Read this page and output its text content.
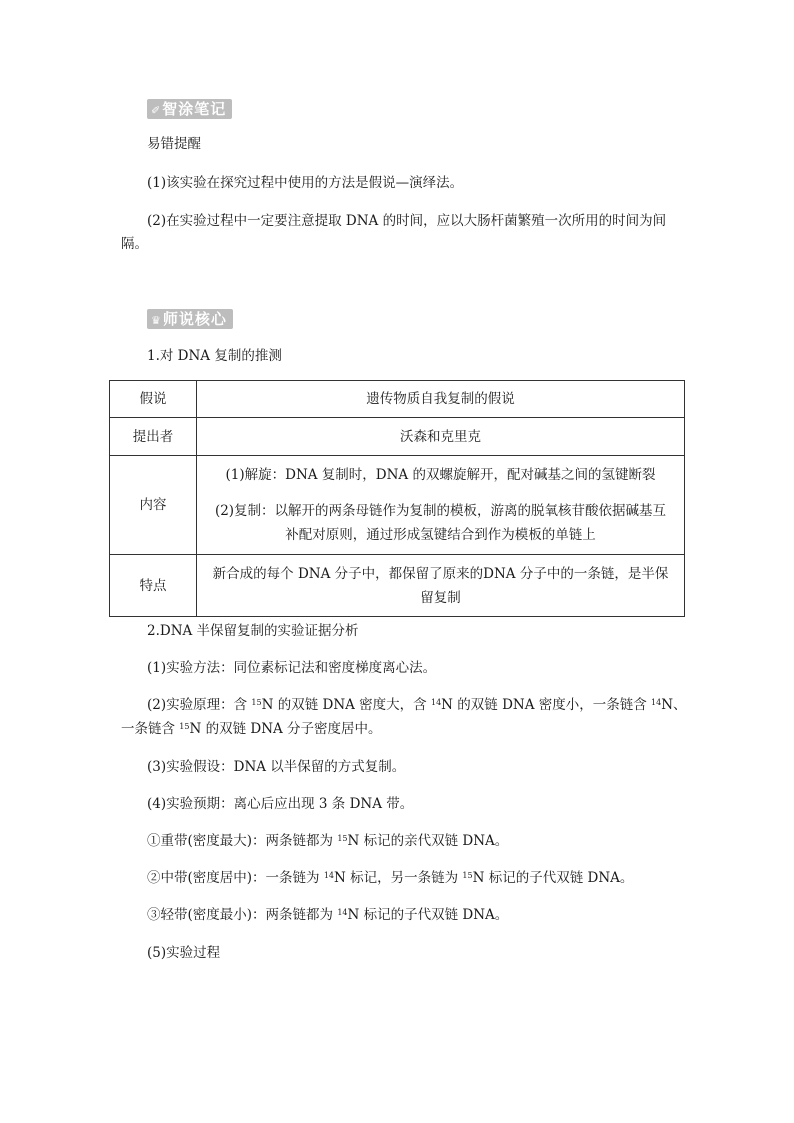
✐智涂笔记
易错提醒
(1)该实验在探究过程中使用的方法是假说—演绎法。
(2)在实验过程中一定要注意提取 DNA 的时间，应以大肠杆菌繁殖一次所用的时间为间
隔。
♛师说核心
1.对 DNA 复制的推测
假说	遗传物质自我复制的假说
提出者	沃森和克里克
内容	(1)解旋：DNA 复制时，DNA 的双螺旋解开，配对碱基之间的氢键断裂
(2)复制：以解开的两条母链作为复制的模板，游离的脱氧核苷酸依据碱基互
补配对原则，通过形成氢键结合到作为模板的单链上

特点	新合成的每个 DNA 分子中，都保留了原来的DNA 分子中的一条链，是半保
留复制
2.DNA 半保留复制的实验证据分析
(1)实验方法：同位素标记法和密度梯度离心法。
(2)实验原理：含 $^{15}$N 的双链 DNA 密度大，含 $^{14}$N 的双链 DNA 密度小，一条链含 $^{14}$N、
一条链含 $^{15}$N 的双链 DNA 分子密度居中。
(3)实验假设：DNA 以半保留的方式复制。
(4)实验预期：离心后应出现 3 条 DNA 带。
①重带(密度最大)：两条链都为 $^{15}$N 标记的亲代双链 DNA。
②中带(密度居中)：一条链为 $^{14}$N 标记，另一条链为 $^{15}$N 标记的子代双链 DNA。
③轻带(密度最小)：两条链都为 $^{14}$N 标记的子代双链 DNA。
(5)实验过程
